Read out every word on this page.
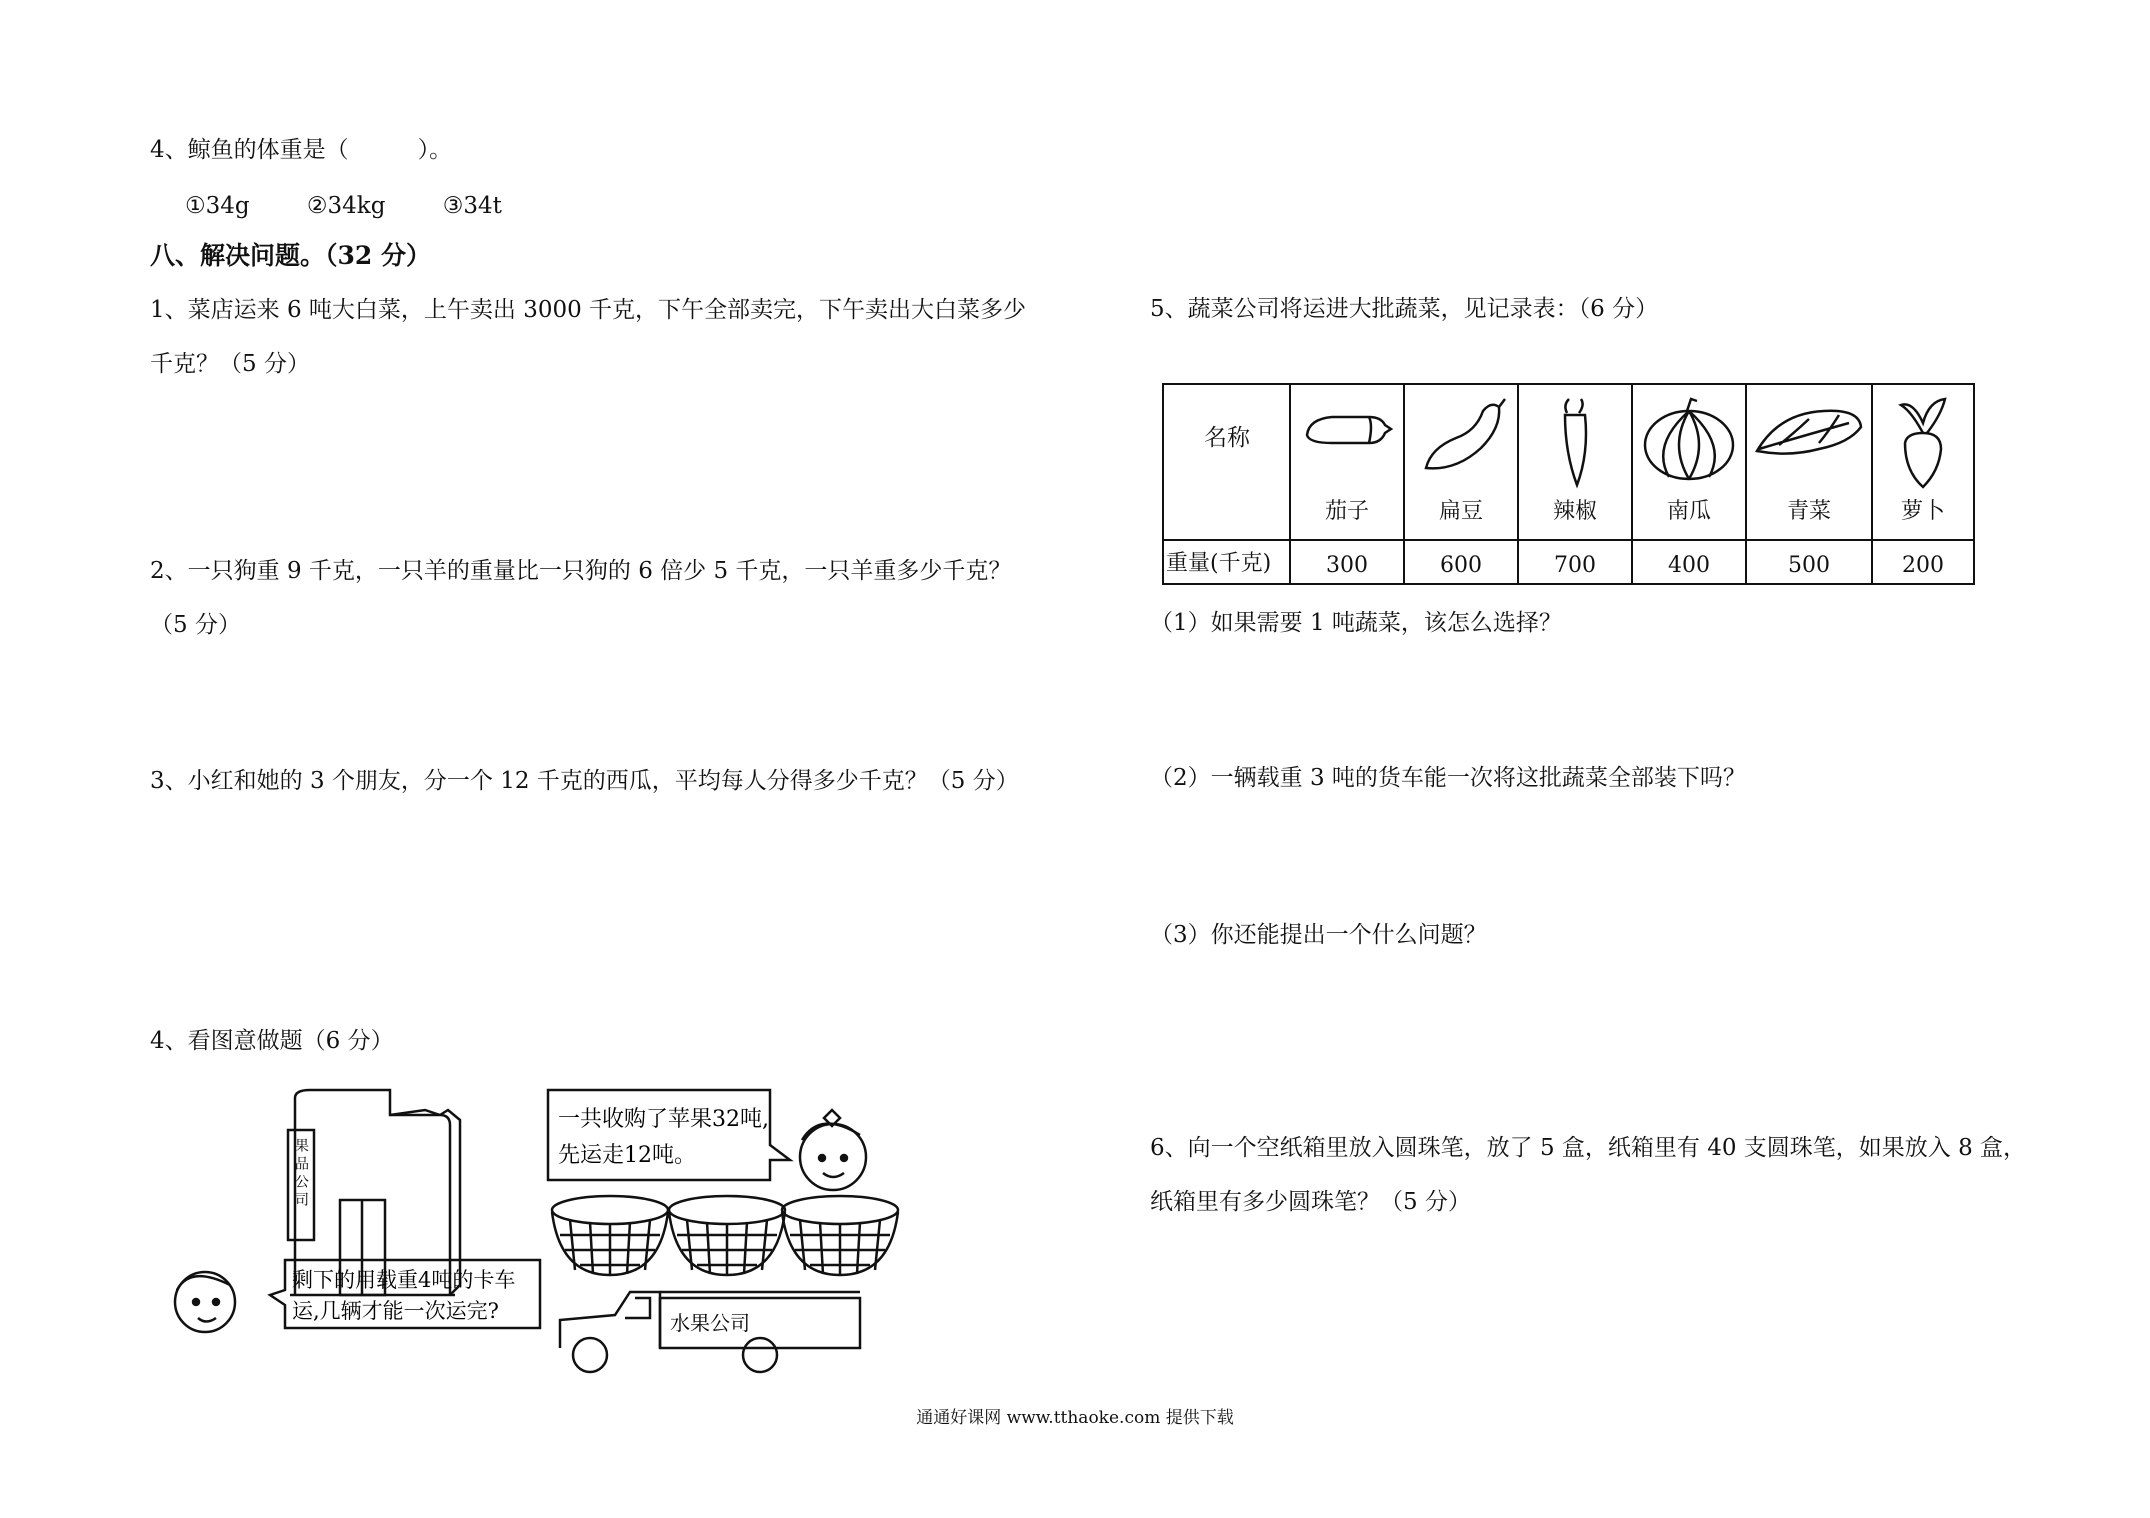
4、鲸鱼的体重是（　　　）。
①34g ②34kg ③34t
八、解决问题。（32 分）
1、菜店运来 6 吨大白菜，上午卖出 3000 千克，下午全部卖完，下午卖出大白菜多少千克？（5 分）
2、一只狗重 9 千克，一只羊的重量比一只狗的 6 倍少 5 千克，一只羊重多少千克？（5 分）
3、小红和她的 3 个朋友，分一个 12 千克的西瓜，平均每人分得多少千克？（5 分）
4、看图意做题（6 分）
果品公司
一共收购了苹果32吨,
先运走12吨。
剩下的用载重4吨的卡车
运,几辆才能一次运完?	水果公司
5、蔬菜公司将运进大批蔬菜，见记录表：（6 分）
名称
茄子	扁豆	辣椒	南瓜	青菜	萝卜
重量(千克)	300	600	700	400	500	200
（1）如果需要 1 吨蔬菜，该怎么选择？
（2）一辆载重 3 吨的货车能一次将这批蔬菜全部装下吗？
（3）你还能提出一个什么问题？
6、向一个空纸箱里放入圆珠笔，放了 5 盒，纸箱里有 40 支圆珠笔，如果放入 8 盒，纸箱里有多少圆珠笔？（5 分）
通通好课网 www.tthaoke.com 提供下载
